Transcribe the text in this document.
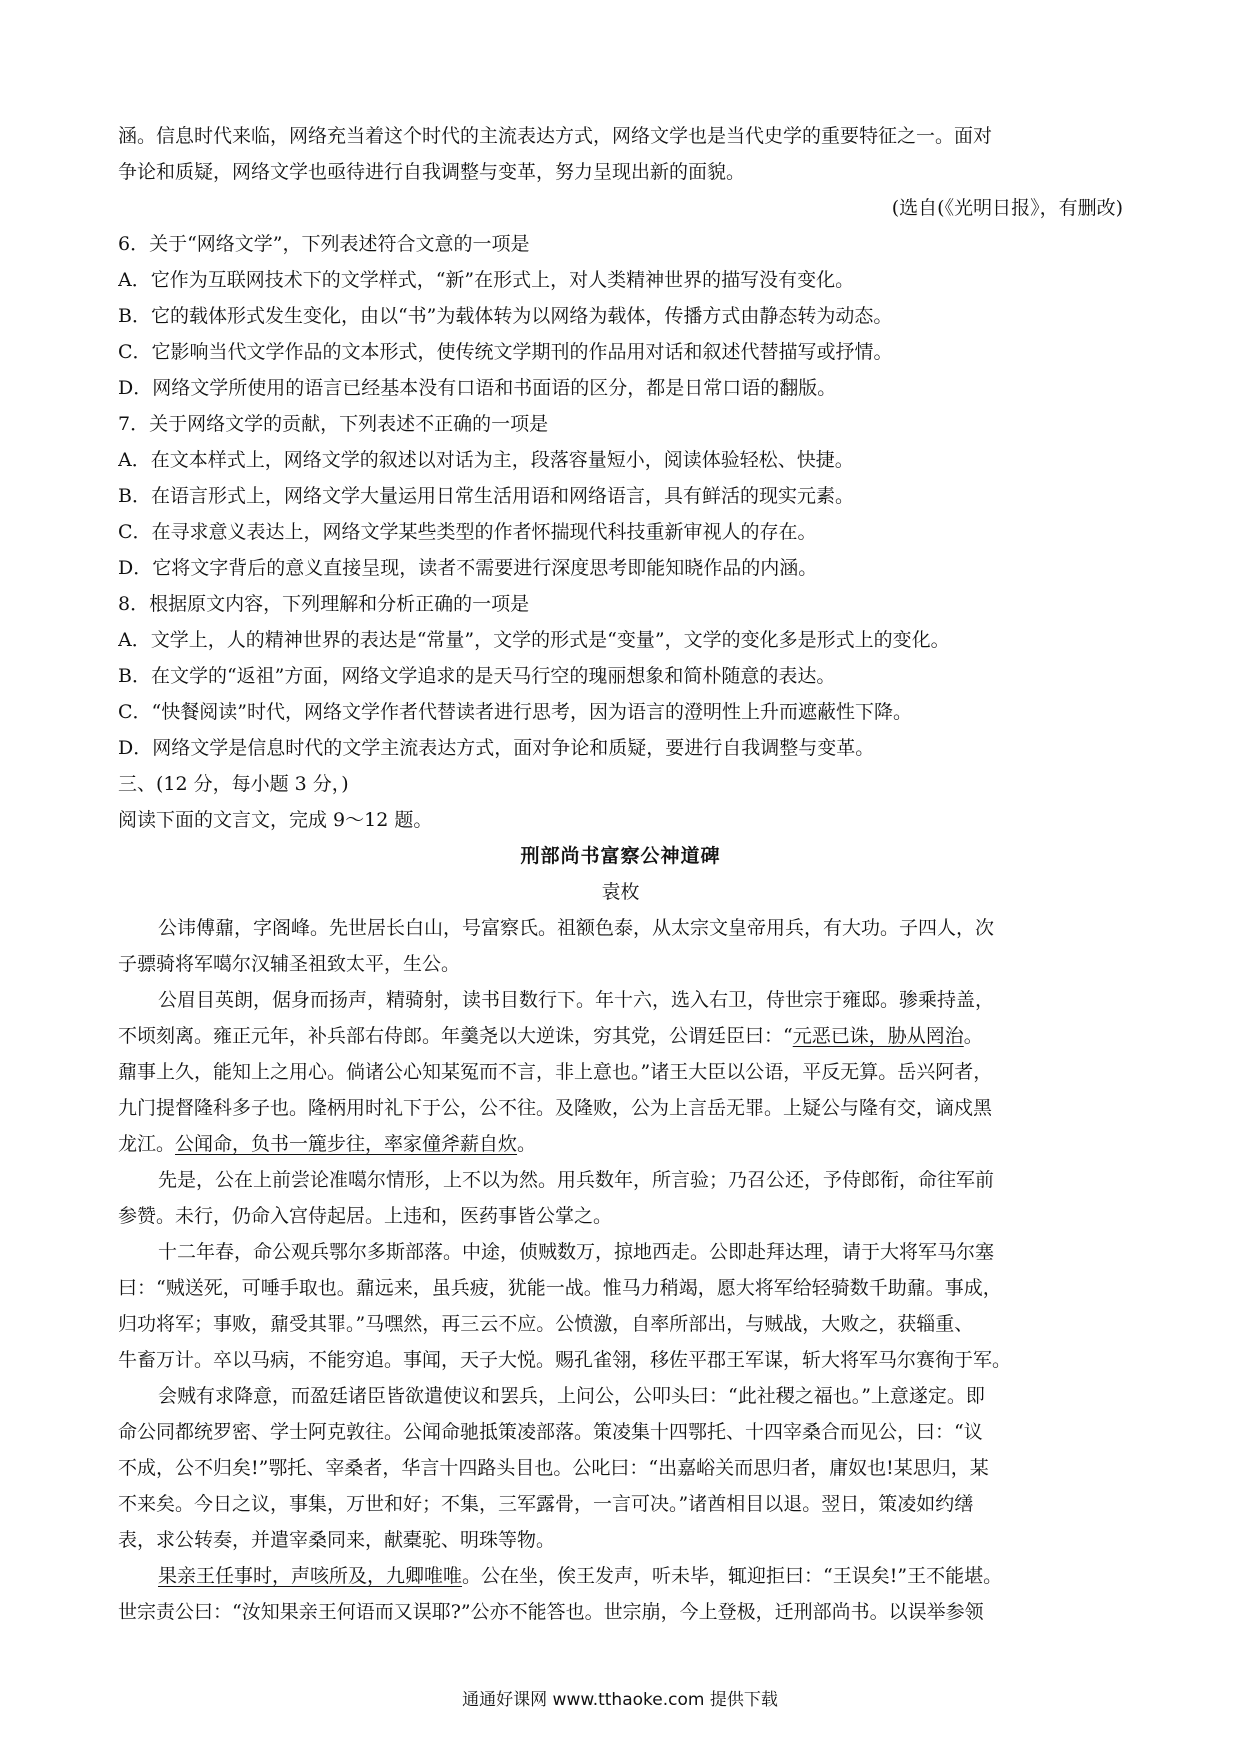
涵。信息时代来临，网络充当着这个时代的主流表达方式，网络文学也是当代史学的重要特征之一。面对
争论和质疑，网络文学也亟待进行自我调整与变革，努力呈现出新的面貌。
(选自(《光明日报》，有删改)
6．关于“网络文学”，下列表述符合文意的一项是
A．它作为互联网技术下的文学样式，“新”在形式上，对人类精神世界的描写没有变化。
B．它的载体形式发生变化，由以“书”为载体转为以网络为载体，传播方式由静态转为动态。
C．它影响当代文学作品的文本形式，使传统文学期刊的作品用对话和叙述代替描写或抒情。
D．网络文学所使用的语言已经基本没有口语和书面语的区分，都是日常口语的翻版。
7．关于网络文学的贡献，下列表述不正确的一项是
A．在文本样式上，网络文学的叙述以对话为主，段落容量短小，阅读体验轻松、快捷。
B．在语言形式上，网络文学大量运用日常生活用语和网络语言，具有鲜活的现实元素。
C．在寻求意义表达上，网络文学某些类型的作者怀揣现代科技重新审视人的存在。
D．它将文字背后的意义直接呈现，读者不需要进行深度思考即能知晓作品的内涵。
8．根据原文内容，下列理解和分析正确的一项是
A．文学上，人的精神世界的表达是“常量”，文学的形式是“变量”，文学的变化多是形式上的变化。
B．在文学的“返祖”方面，网络文学追求的是天马行空的瑰丽想象和简朴随意的表达。
C．“快餐阅读”时代，网络文学作者代替读者进行思考，因为语言的澄明性上升而遮蔽性下降。
D．网络文学是信息时代的文学主流表达方式，面对争论和质疑，要进行自我调整与变革。
三、(12 分，每小题 3 分，)
阅读下面的文言文，完成 9～12 题。
刑部尚书富察公神道碑
袁枚
公讳傅鼐，字阁峰。先世居长白山，号富察氏。祖额色泰，从太宗文皇帝用兵，有大功。子四人，次
子骠骑将军噶尔汉辅圣祖致太平，生公。
公眉目英朗，倨身而扬声，精骑射，读书目数行下。年十六，选入右卫，侍世宗于雍邸。骖乘持盖，
不顷刻离。雍正元年，补兵部右侍郎。年羹尧以大逆诛，穷其党，公谓廷臣曰：“元恶已诛，胁从罔治。
鼐事上久，能知上之用心。倘诸公心知某冤而不言，非上意也。”诸王大臣以公语，平反无算。岳兴阿者，
九门提督隆科多子也。隆柄用时礼下于公，公不往。及隆败，公为上言岳无罪。上疑公与隆有交，谪戍黑
龙江。公闻命，负书一簏步往，率家僮斧薪自炊。
先是，公在上前尝论准噶尔情形，上不以为然。用兵数年，所言验；乃召公还，予侍郎衔，命往军前
参赞。未行，仍命入宫侍起居。上违和，医药事皆公掌之。
十二年春，命公观兵鄂尔多斯部落。中途，侦贼数万，掠地西走。公即赴拜达理，请于大将军马尔塞
曰：“贼送死，可唾手取也。鼐远来，虽兵疲，犹能一战。惟马力稍竭，愿大将军给轻骑数千助鼐。事成，
归功将军；事败，鼐受其罪。”马嘿然，再三云不应。公愤激，自率所部出，与贼战，大败之，获辎重、
牛畜万计。卒以马病，不能穷追。事闻，天子大悦。赐孔雀翎，移佐平郡王军谋，斩大将军马尔赛徇于军。
会贼有求降意，而盈廷诸臣皆欲遣使议和罢兵，上问公，公叩头曰：“此社稷之福也。”上意遂定。即
命公同都统罗密、学士阿克敦往。公闻命驰抵策凌部落。策凌集十四鄂托、十四宰桑合而见公，曰：“议
不成，公不归矣!”鄂托、宰桑者，华言十四路头目也。公叱曰：“出嘉峪关而思归者，庸奴也!某思归，某
不来矣。今日之议，事集，万世和好；不集，三军露骨，一言可决。”诸酋相目以退。翌日，策凌如约缮
表，求公转奏，并遣宰桑同来，献橐驼、明珠等物。
果亲王任事时，声咳所及，九卿唯唯。公在坐，俟王发声，听未毕，辄迎拒曰：“王误矣!”王不能堪。
世宗责公曰：“汝知果亲王何语而又误耶?”公亦不能答也。世宗崩，今上登极，迁刑部尚书。以误举参领
通通好课网 www.tthaoke.com 提供下载
